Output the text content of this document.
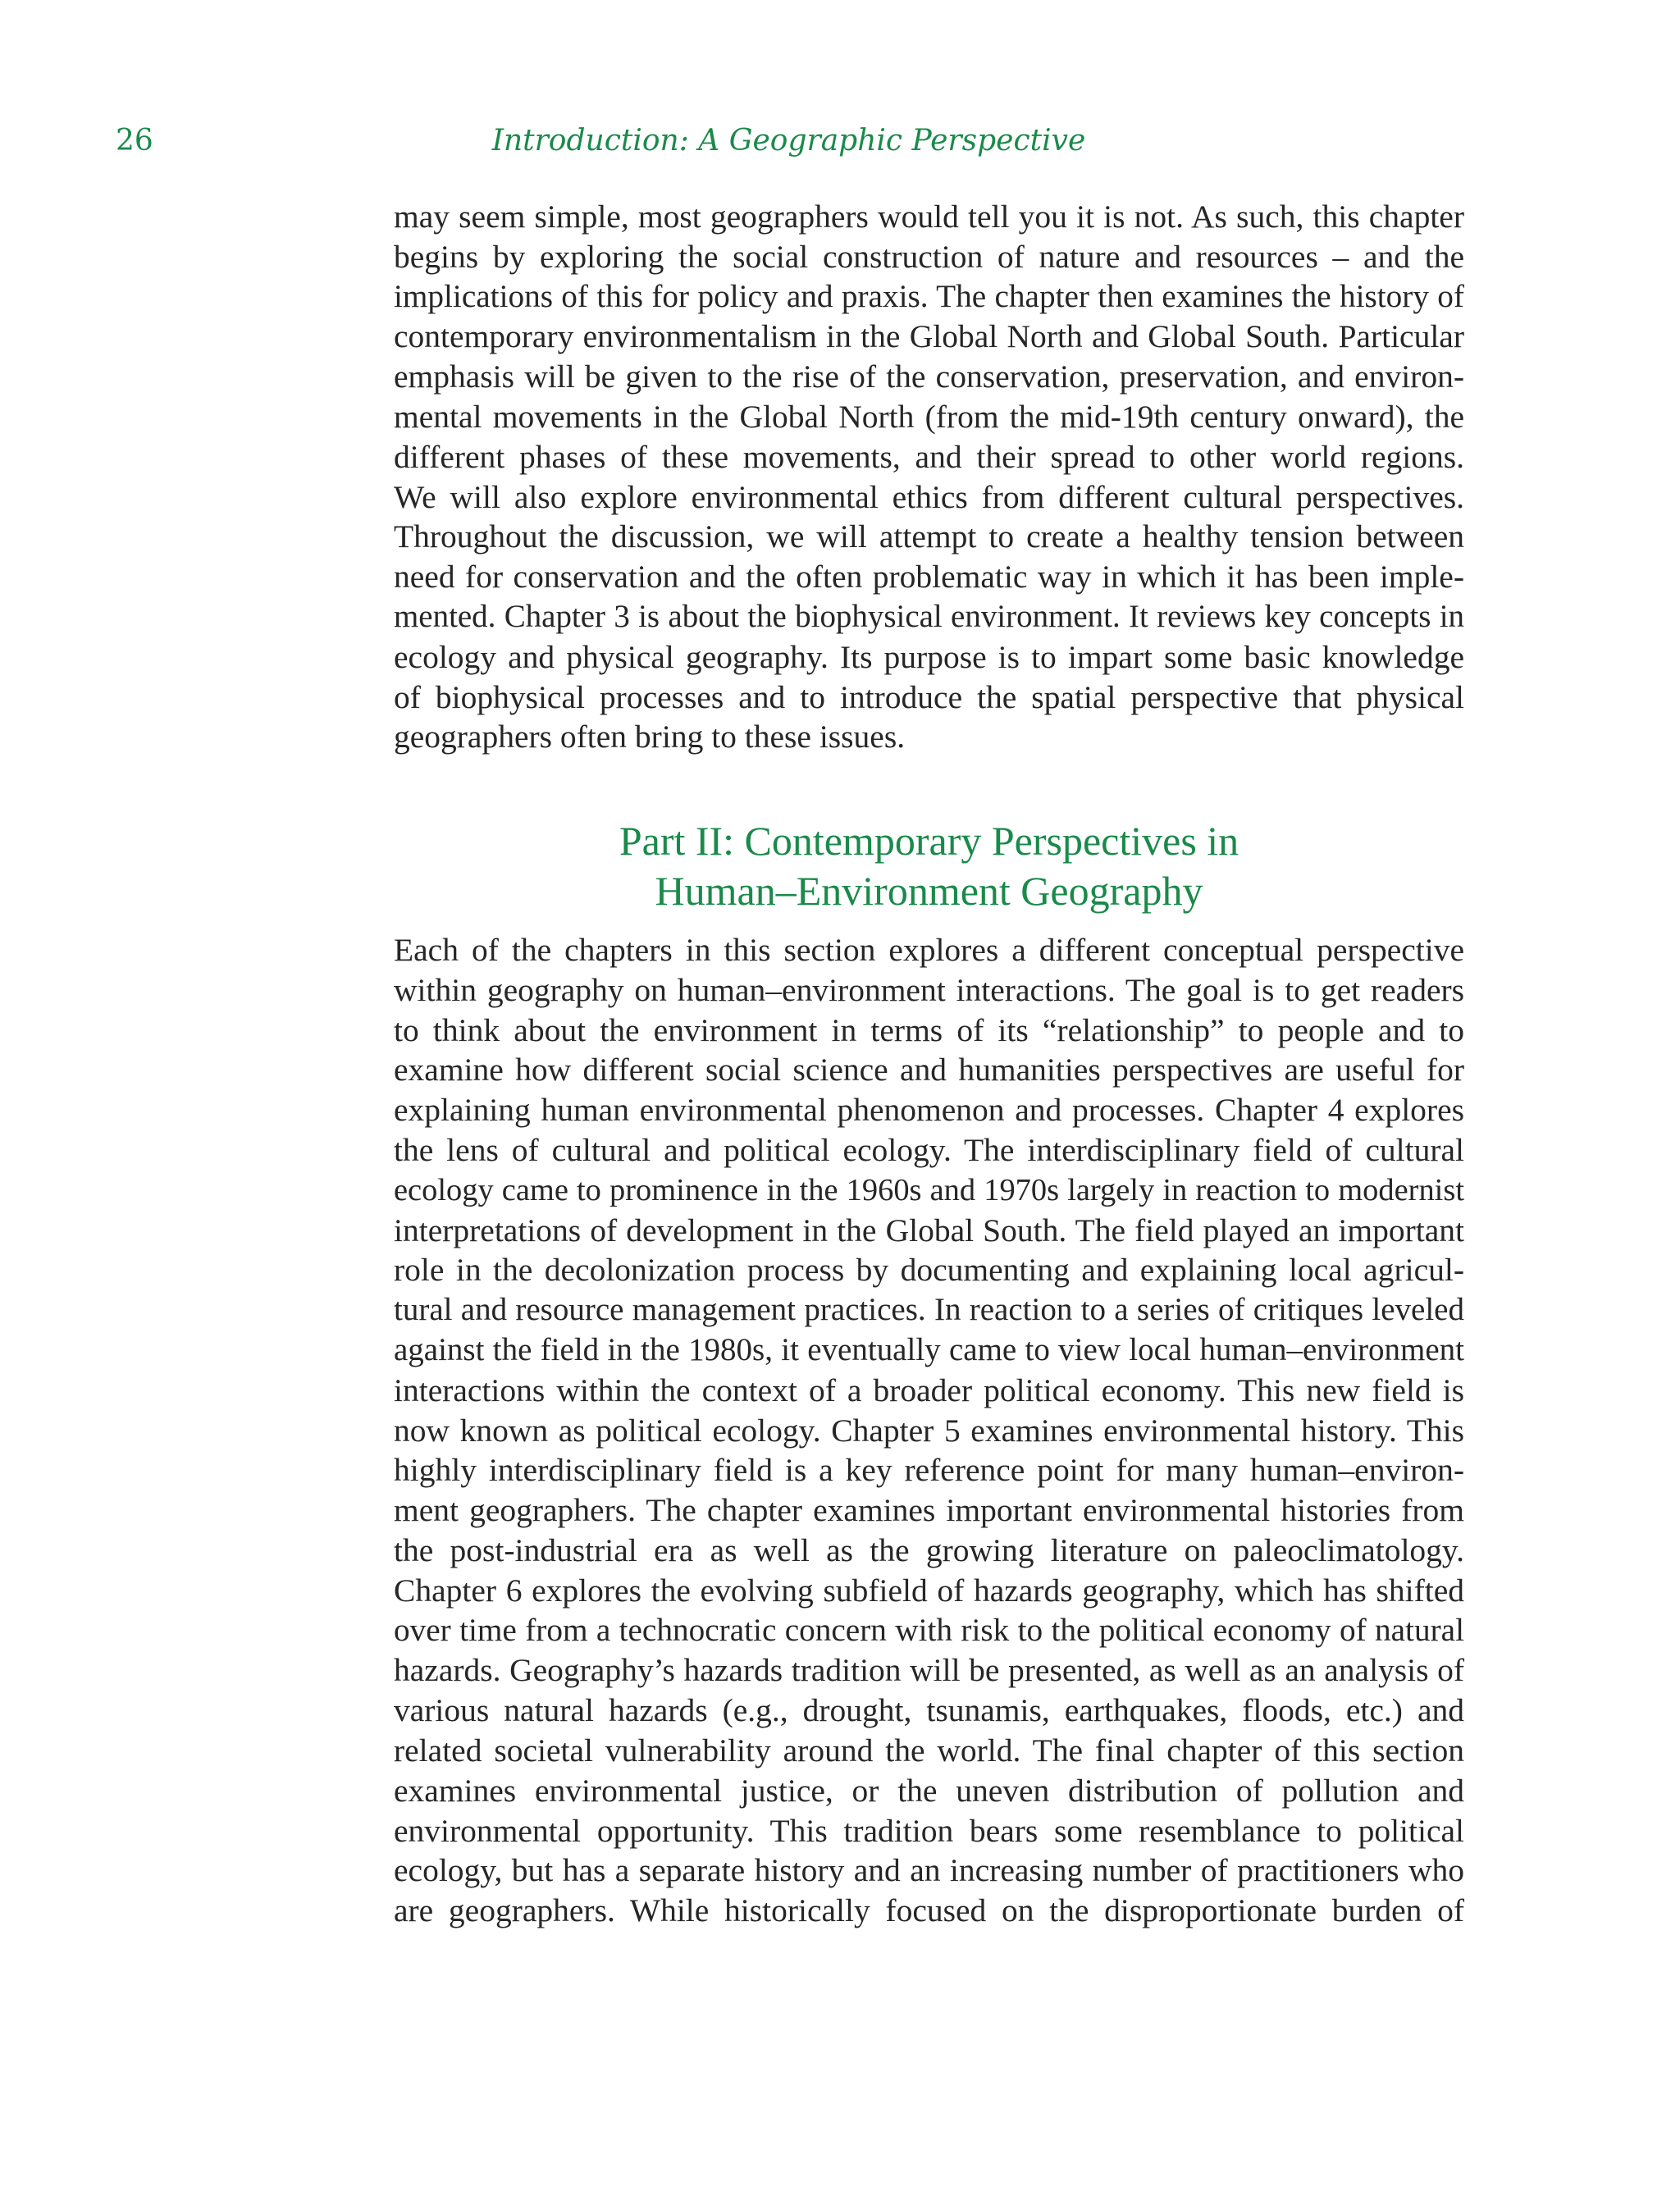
26	Introduction: A Geographic Perspective
may seem simple, most geographers would tell you it is not. As such, this chapter
begins by exploring the social construction of nature and resources – and the
implications of this for policy and praxis. The chapter then examines the history of
contemporary environmentalism in the Global North and Global South. Particular
emphasis will be given to the rise of the conservation, preservation, and environ-
mental movements in the Global North (from the mid-19th century onward), the
different phases of these movements, and their spread to other world regions.
We will also explore environmental ethics from different cultural perspectives.
Throughout the discussion, we will attempt to create a healthy tension between
need for conservation and the often problematic way in which it has been imple-
mented. Chapter 3 is about the biophysical environment. It reviews key concepts in
ecology and physical geography. Its purpose is to impart some basic knowledge
of biophysical processes and to introduce the spatial perspective that physical
geographers often bring to these issues.
Part II: Contemporary Perspectives in
Human–Environment Geography
Each of the chapters in this section explores a different conceptual perspective
within geography on human–environment interactions. The goal is to get readers
to think about the environment in terms of its “relationship” to people and to
examine how different social science and humanities perspectives are useful for
explaining human environmental phenomenon and processes. Chapter 4 explores
the lens of cultural and political ecology. The interdisciplinary field of cultural
ecology came to prominence in the 1960s and 1970s largely in reaction to modernist
interpretations of development in the Global South. The field played an important
role in the decolonization process by documenting and explaining local agricul-
tural and resource management practices. In reaction to a series of critiques leveled
against the field in the 1980s, it eventually came to view local human–environment
interactions within the context of a broader political economy. This new field is
now known as political ecology. Chapter 5 examines environmental history. This
highly interdisciplinary field is a key reference point for many human–environ-
ment geographers. The chapter examines important environmental histories from
the post-industrial era as well as the growing literature on paleoclimatology.
Chapter 6 explores the evolving subfield of hazards geography, which has shifted
over time from a technocratic concern with risk to the political economy of natural
hazards. Geography’s hazards tradition will be presented, as well as an analysis of
various natural hazards (e.g., drought, tsunamis, earthquakes, floods, etc.) and
related societal vulnerability around the world. The final chapter of this section
examines environmental justice, or the uneven distribution of pollution and
environmental opportunity. This tradition bears some resemblance to political
ecology, but has a separate history and an increasing number of practitioners who
are geographers. While historically focused on the disproportionate burden of
